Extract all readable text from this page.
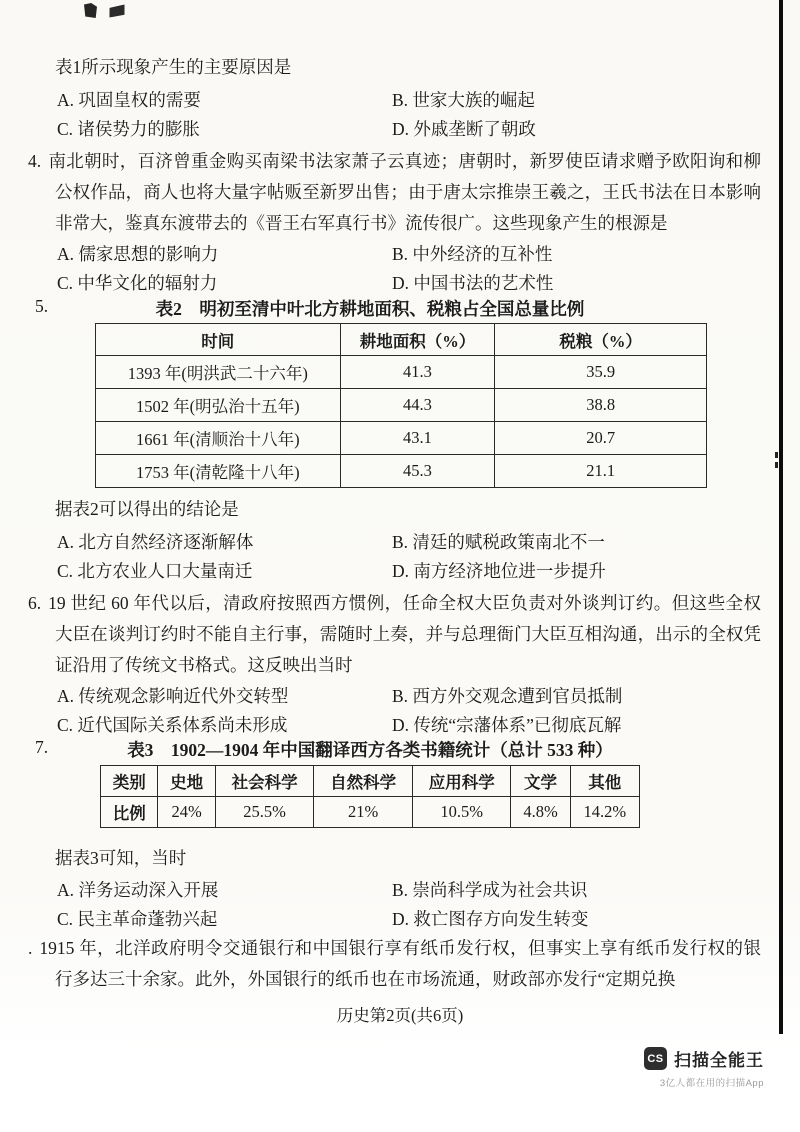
表1所示现象产生的主要原因是
A. 巩固皇权的需要	B. 世家大族的崛起
C. 诸侯势力的膨胀	D. 外戚垄断了朝政
4. 南北朝时，百济曾重金购买南梁书法家萧子云真迹；唐朝时，新罗使臣请求赠予欧阳询和柳公权作品，商人也将大量字帖贩至新罗出售；由于唐太宗推崇王羲之，王氏书法在日本影响非常大，鉴真东渡带去的《晋王右军真行书》流传很广。这些现象产生的根源是
A. 儒家思想的影响力	B. 中外经济的互补性
C. 中华文化的辐射力	D. 中国书法的艺术性
5.	表2　明初至清中叶北方耕地面积、税粮占全国总量比例
时间	耕地面积（%）	税粮（%）
1393 年(明洪武二十六年)	41.3	35.9
1502 年(明弘治十五年)	44.3	38.8
1661 年(清顺治十八年)	43.1	20.7
1753 年(清乾隆十八年)	45.3	21.1
据表2可以得出的结论是
A. 北方自然经济逐渐解体	B. 清廷的赋税政策南北不一
C. 北方农业人口大量南迁	D. 南方经济地位进一步提升
6. 19 世纪 60 年代以后，清政府按照西方惯例，任命全权大臣负责对外谈判订约。但这些全权大臣在谈判订约时不能自主行事，需随时上奏，并与总理衙门大臣互相沟通，出示的全权凭证沿用了传统文书格式。这反映出当时
A. 传统观念影响近代外交转型	B. 西方外交观念遭到官员抵制
C. 近代国际关系体系尚未形成	D. 传统“宗藩体系”已彻底瓦解
7.	表3　1902—1904 年中国翻译西方各类书籍统计（总计 533 种）
类别	史地	社会科学	自然科学	应用科学	文学	其他
比例	24%	25.5%	21%	10.5%	4.8%	14.2%
据表3可知，当时
A. 洋务运动深入开展	B. 崇尚科学成为社会共识
C. 民主革命蓬勃兴起	D. 救亡图存方向发生转变
. 1915 年，北洋政府明令交通银行和中国银行享有纸币发行权，但事实上享有纸币发行权的银行多达三十余家。此外，外国银行的纸币也在市场流通，财政部亦发行“定期兑换
历史第2页(共6页)
CS 扫描全能王
3亿人都在用的扫描App
